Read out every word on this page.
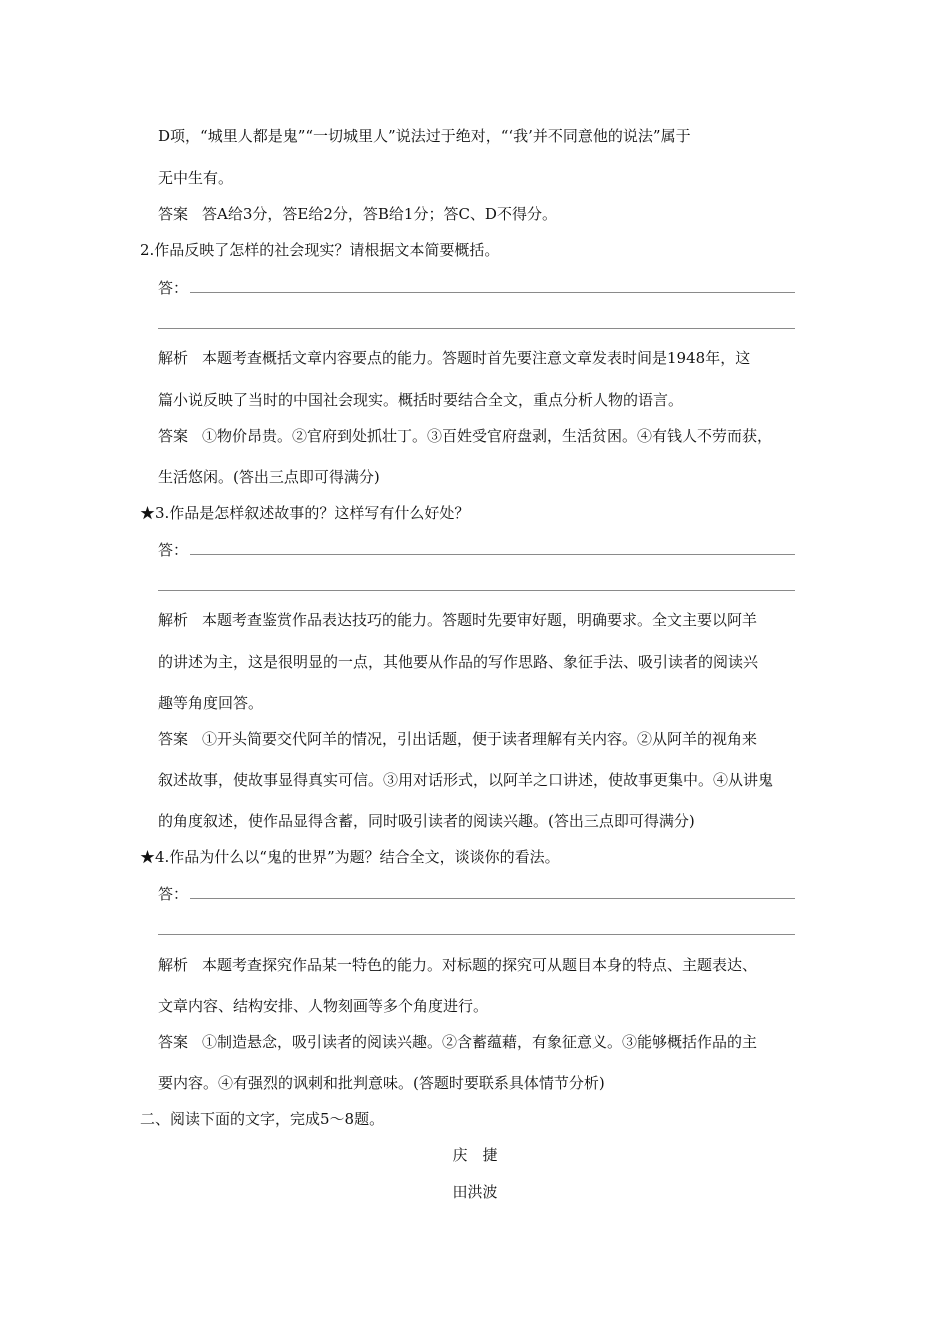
D项，“城里人都是鬼”“一切城里人”说法过于绝对，“‘我’并不同意他的说法”属于
无中生有。
答案 答A给3分，答E给2分，答B给1分；答C、D不得分。
2.作品反映了怎样的社会现实？请根据文本简要概括。
答：
解析 本题考查概括文章内容要点的能力。答题时首先要注意文章发表时间是1948年，这
篇小说反映了当时的中国社会现实。概括时要结合全文，重点分析人物的语言。
答案 ①物价昂贵。②官府到处抓壮丁。③百姓受官府盘剥，生活贫困。④有钱人不劳而获，
生活悠闲。(答出三点即可得满分)
★3.作品是怎样叙述故事的？这样写有什么好处？
答：
解析 本题考查鉴赏作品表达技巧的能力。答题时先要审好题，明确要求。全文主要以阿羊
的讲述为主，这是很明显的一点，其他要从作品的写作思路、象征手法、吸引读者的阅读兴
趣等角度回答。
答案 ①开头简要交代阿羊的情况，引出话题，便于读者理解有关内容。②从阿羊的视角来
叙述故事，使故事显得真实可信。③用对话形式，以阿羊之口讲述，使故事更集中。④从讲鬼
的角度叙述，使作品显得含蓄，同时吸引读者的阅读兴趣。(答出三点即可得满分)
★4.作品为什么以“鬼的世界”为题？结合全文，谈谈你的看法。
答：
解析 本题考查探究作品某一特色的能力。对标题的探究可从题目本身的特点、主题表达、
文章内容、结构安排、人物刻画等多个角度进行。
答案 ①制造悬念，吸引读者的阅读兴趣。②含蓄蕴藉，有象征意义。③能够概括作品的主
要内容。④有强烈的讽刺和批判意味。(答题时要联系具体情节分析)
二、阅读下面的文字，完成5～8题。
庆　捷
田洪波
